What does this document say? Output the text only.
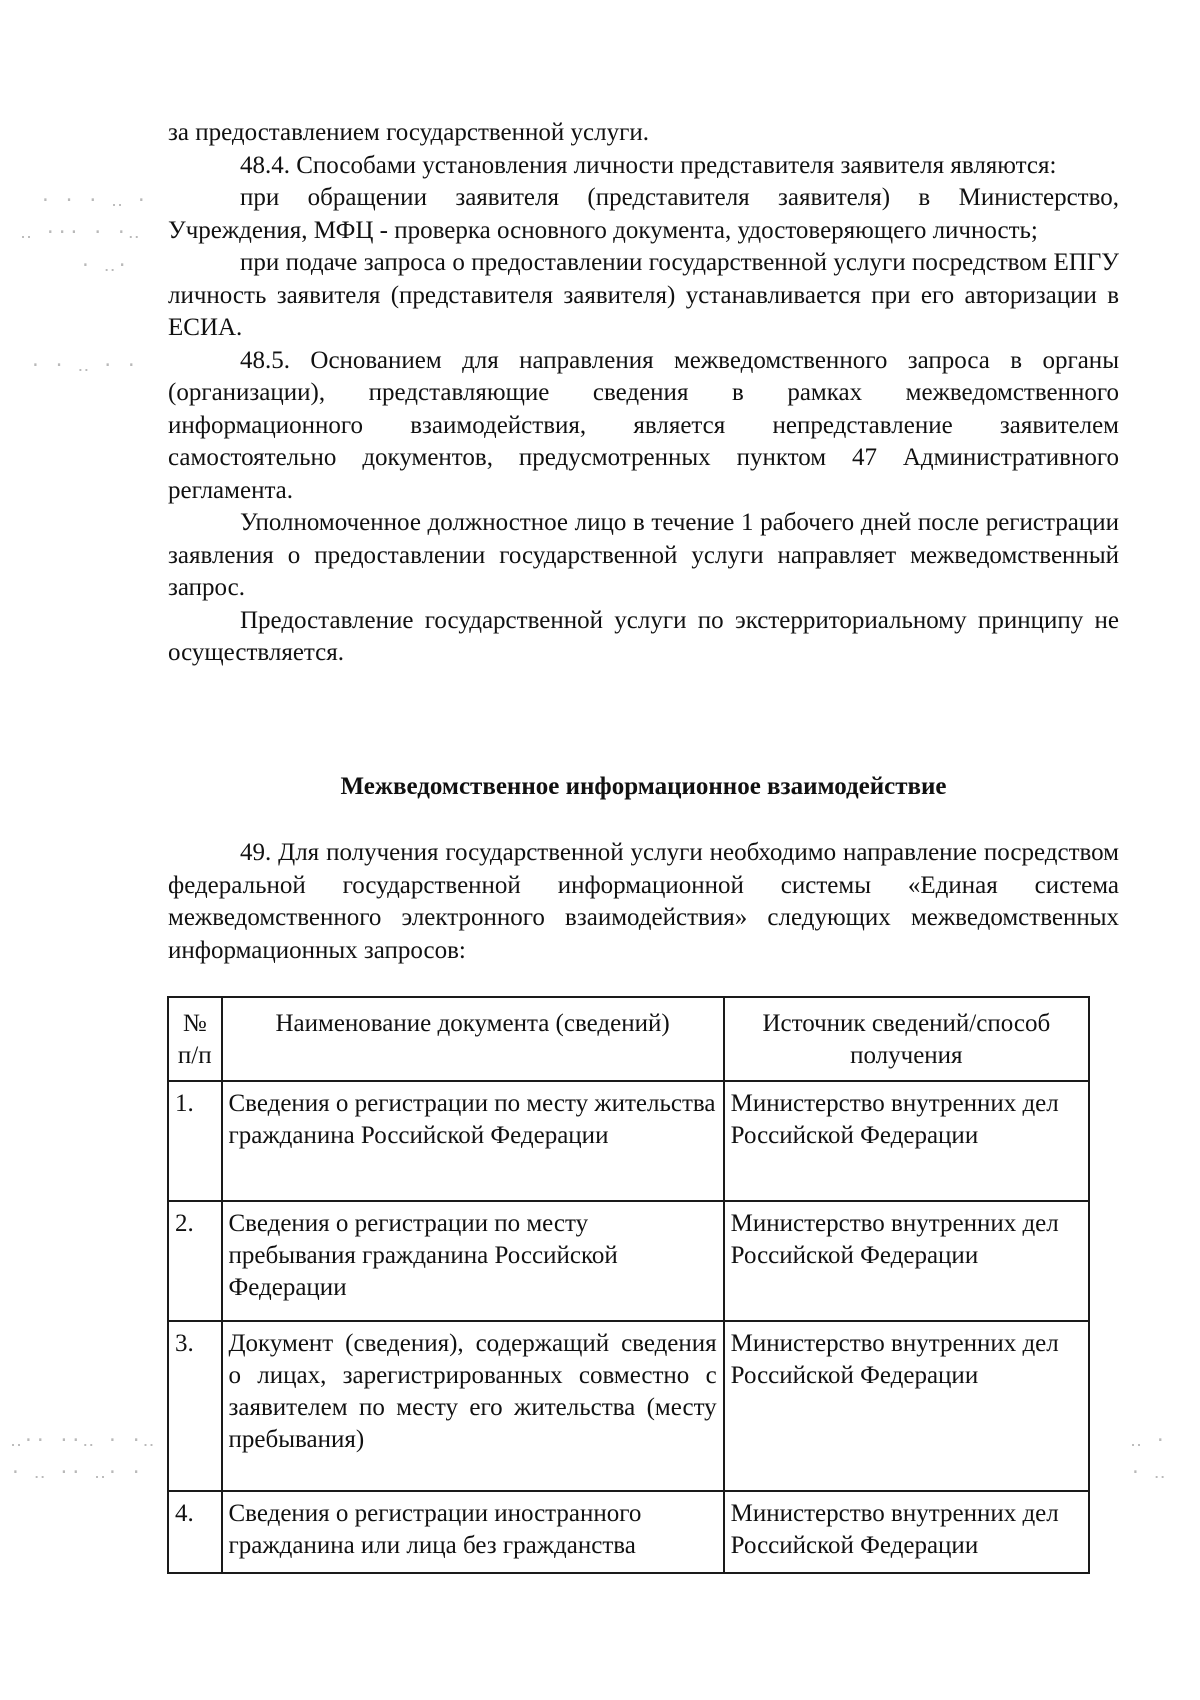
· · · ‥ ·
‥ ··· · ·‥
· ‥·
· · ‥ · ·
‥·· ··‥ · ·‥
· ‥ ·· ‥· ·
‥ ·
· ‥

за предоставлением государственной услуги.

48.4. Способами установления личности представителя заявителя являются:

при обращении заявителя (представителя заявителя) в Министерство, Учреждения, МФЦ - проверка основного документа, удостоверяющего личность;

при подаче запроса о предоставлении государственной услуги посредством ЕПГУ личность заявителя (представителя заявителя) устанавливается при его авторизации в ЕСИА.

48.5. Основанием для направления межведомственного запроса в органы (организации), представляющие сведения в рамках межведомственного информационного взаимодействия, является непредставление заявителем самостоятельно документов, предусмотренных пунктом 47 Административного регламента.

Уполномоченное должностное лицо в течение 1 рабочего дней после регистрации заявления о предоставлении государственной услуги направляет межведомственный запрос.

Предоставление государственной услуги по экстерриториальному принципу не осуществляется.

Межведомственное информационное взаимодействие

49. Для получения государственной услуги необходимо направление посредством федеральной государственной информационной системы «Единая система межведомственного электронного взаимодействия» следующих межведомственных информационных запросов:

№ п/п	Наименование документа (сведений)	Источник сведений/способ получения
1.	Сведения о регистрации по месту жительства гражданина Российской Федерации	Министерство внутренних дел Российской Федерации
2.	Сведения о регистрации по месту пребывания гражданина Российской Федерации	Министерство внутренних дел Российской Федерации
3.	Документ (сведения), содержащий сведения о лицах, зарегистрированных совместно с заявителем по месту его жительства (месту пребывания)	Министерство внутренних дел Российской Федерации
4.	Сведения о регистрации иностранного гражданина или лица без гражданства	Министерство внутренних дел Российской Федерации
